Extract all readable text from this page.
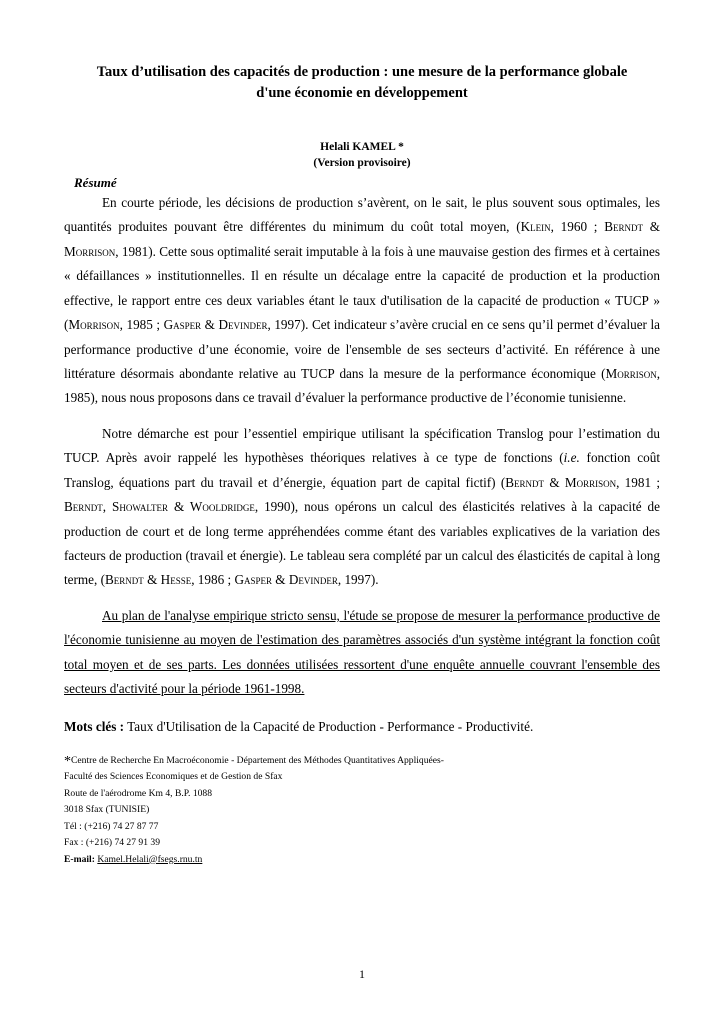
Taux d’utilisation des capacités de production : une mesure de la performance globale d'une économie en développement
Helali KAMEL *
(Version provisoire)
Résumé

En courte période, les décisions de production s’avèrent, on le sait, le plus souvent sous optimales, les quantités produites pouvant être différentes du minimum du coût total moyen, (Klein, 1960 ; Berndt & Morrison, 1981). Cette sous optimalité serait imputable à la fois à une mauvaise gestion des firmes et à certaines « défaillances » institutionnelles. Il en résulte un décalage entre la capacité de production et la production effective, le rapport entre ces deux variables étant le taux d'utilisation de la capacité de production « TUCP » (Morrison, 1985 ; Gasper & Devinder, 1997). Cet indicateur s’avère crucial en ce sens qu’il permet d’évaluer la performance productive d’une économie, voire de l'ensemble de ses secteurs d’activité. En référence à une littérature désormais abondante relative au TUCP dans la mesure de la performance économique (Morrison, 1985), nous nous proposons dans ce travail d’évaluer la performance productive de l’économie tunisienne.

Notre démarche est pour l’essentiel empirique utilisant la spécification Translog pour l’estimation du TUCP. Après avoir rappelé les hypothèses théoriques relatives à ce type de fonctions (i.e. fonction coût Translog, équations part du travail et d’énergie, équation part de capital fictif) (Berndt & Morrison, 1981 ; Berndt, Showalter & Wooldridge, 1990), nous opérons un calcul des élasticités relatives à la capacité de production de court et de long terme appréhendées comme étant des variables explicatives de la variation des facteurs de production (travail et énergie). Le tableau sera complété par un calcul des élasticités de capital à long terme, (Berndt & Hesse, 1986 ; Gasper & Devinder, 1997).

Au plan de l'analyse empirique stricto sensu, l'étude se propose de mesurer la performance productive de l'économie tunisienne au moyen de l'estimation des paramètres associés d'un système intégrant la fonction coût total moyen et de ses parts. Les données utilisées ressortent d'une enquête annuelle couvrant l'ensemble des secteurs d'activité pour la période 1961-1998.

Mots clés : Taux d'Utilisation de la Capacité de Production - Performance - Productivité.
*Centre de Recherche En Macroéconomie - Département des Méthodes Quantitatives Appliquées-
Faculté des Sciences Economiques et de Gestion de Sfax
Route de l'aérodrome Km 4, B.P. 1088
3018 Sfax (TUNISIE)
Tél : (+216) 74 27 87 77
Fax : (+216) 74 27 91 39
E-mail: Kamel.Helali@fsegs.rnu.tn
1
